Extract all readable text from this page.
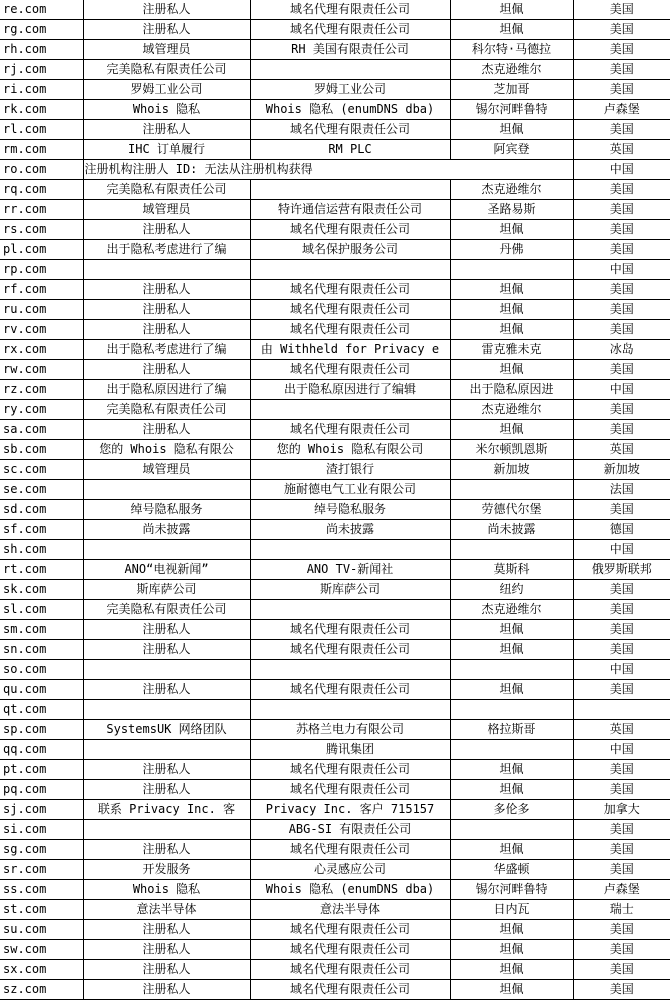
re.com	注册私人	域名代理有限责任公司	坦佩	美国
rg.com	注册私人	域名代理有限责任公司	坦佩	美国
rh.com	域管理员	RH 美国有限责任公司	科尔特·马德拉	美国
rj.com	完美隐私有限责任公司		杰克逊维尔	美国
ri.com	罗姆工业公司	罗姆工业公司	芝加哥	美国
rk.com	Whois 隐私	Whois 隐私 (enumDNS dba)	锡尔河畔鲁特	卢森堡
rl.com	注册私人	域名代理有限责任公司	坦佩	美国
rm.com	IHC 订单履行	RM PLC	阿宾登	英国
ro.com	注册机构注册人 ID: 无法从注册机构获得			中国
rq.com	完美隐私有限责任公司		杰克逊维尔	美国
rr.com	域管理员	特许通信运营有限责任公司	圣路易斯	美国
rs.com	注册私人	域名代理有限责任公司	坦佩	美国
pl.com	出于隐私考虑进行了编	域名保护服务公司	丹佛	美国
rp.com				中国
rf.com	注册私人	域名代理有限责任公司	坦佩	美国
ru.com	注册私人	域名代理有限责任公司	坦佩	美国
rv.com	注册私人	域名代理有限责任公司	坦佩	美国
rx.com	出于隐私考虑进行了编	由 Withheld for Privacy e	雷克雅未克	冰岛
rw.com	注册私人	域名代理有限责任公司	坦佩	美国
rz.com	出于隐私原因进行了编	出于隐私原因进行了编辑	出于隐私原因进	中国
ry.com	完美隐私有限责任公司		杰克逊维尔	美国
sa.com	注册私人	域名代理有限责任公司	坦佩	美国
sb.com	您的 Whois 隐私有限公	您的 Whois 隐私有限公司	米尔顿凯恩斯	英国
sc.com	域管理员	渣打银行	新加坡	新加坡
se.com		施耐德电气工业有限公司		法国
sd.com	绰号隐私服务	绰号隐私服务	劳德代尔堡	美国
sf.com	尚未披露	尚未披露	尚未披露	德国
sh.com				中国
rt.com	ANO“电视新闻”	ANO TV-新闻社	莫斯科	俄罗斯联邦
sk.com	斯库萨公司	斯库萨公司	纽约	美国
sl.com	完美隐私有限责任公司		杰克逊维尔	美国
sm.com	注册私人	域名代理有限责任公司	坦佩	美国
sn.com	注册私人	域名代理有限责任公司	坦佩	美国
so.com				中国
qu.com	注册私人	域名代理有限责任公司	坦佩	美国
qt.com				
sp.com	SystemsUK 网络团队	苏格兰电力有限公司	格拉斯哥	英国
qq.com		腾讯集团		中国
pt.com	注册私人	域名代理有限责任公司	坦佩	美国
pq.com	注册私人	域名代理有限责任公司	坦佩	美国
sj.com	联系 Privacy Inc. 客	Privacy Inc. 客户 715157	多伦多	加拿大
si.com		ABG-SI 有限责任公司		美国
sg.com	注册私人	域名代理有限责任公司	坦佩	美国
sr.com	开发服务	心灵感应公司	华盛顿	美国
ss.com	Whois 隐私	Whois 隐私 (enumDNS dba)	锡尔河畔鲁特	卢森堡
st.com	意法半导体	意法半导体	日内瓦	瑞士
su.com	注册私人	域名代理有限责任公司	坦佩	美国
sw.com	注册私人	域名代理有限责任公司	坦佩	美国
sx.com	注册私人	域名代理有限责任公司	坦佩	美国
sz.com	注册私人	域名代理有限责任公司	坦佩	美国
